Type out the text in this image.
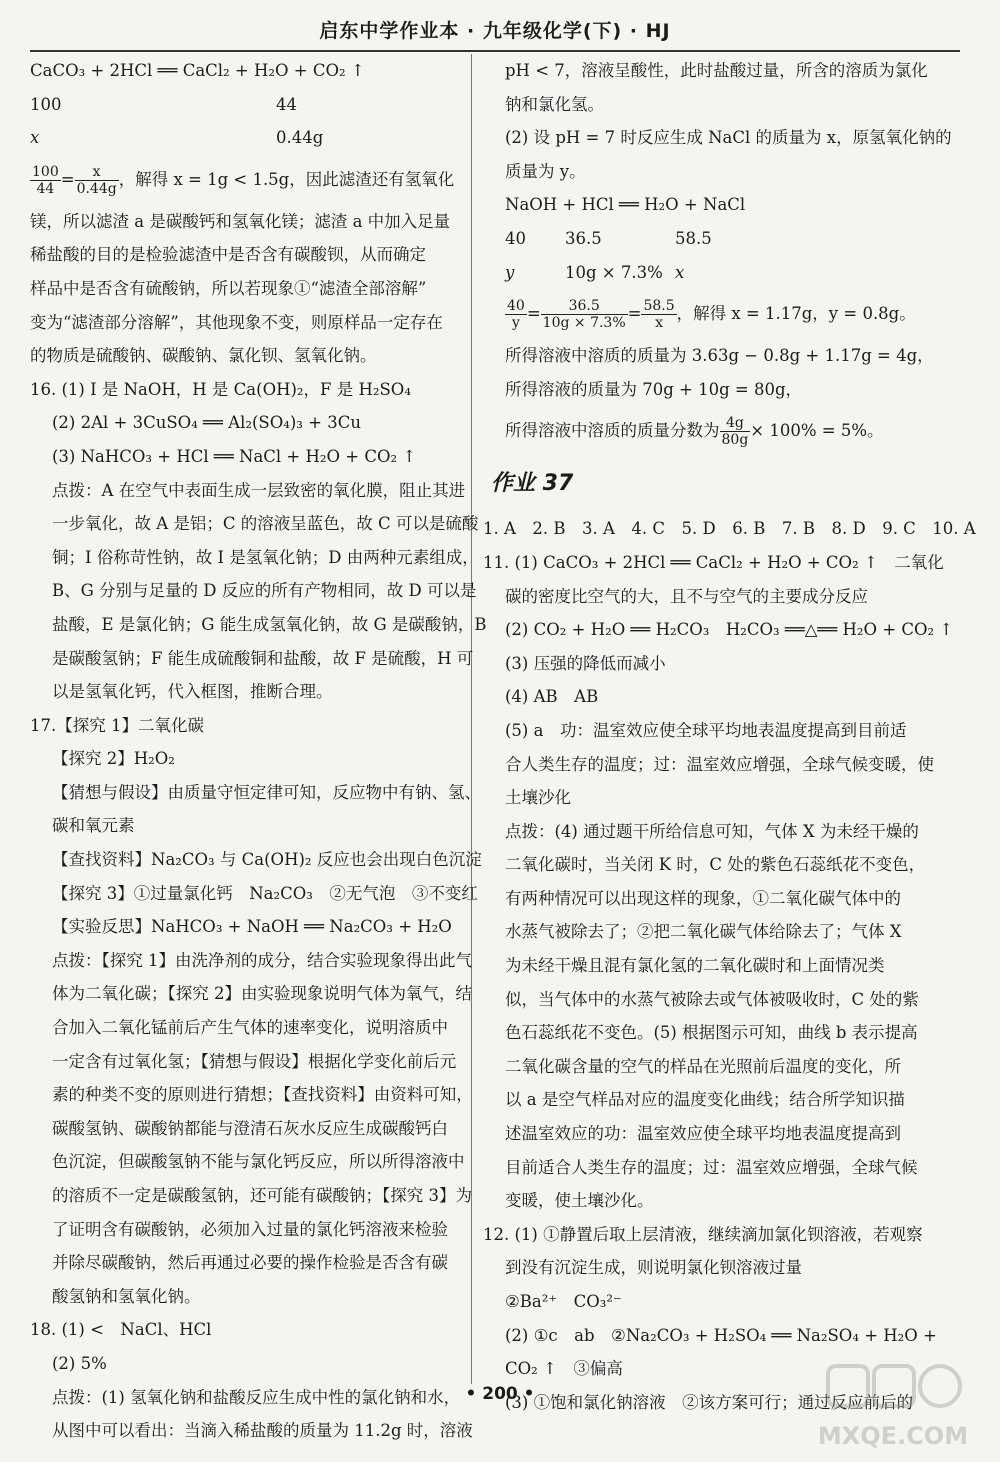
启东中学作业本 · 九年级化学(下) · HJ
CaCO₃ + 2HCl ══ CaCl₂ + H₂O + CO₂ ↑
100	44
x	0.44g
$\frac{100}{44} = \frac{x}{0.44g}$ ，解得 x = 1g < 1.5g，因此滤渣还有氢氧化
镁，所以滤渣 a 是碳酸钙和氢氧化镁；滤渣 a 中加入足量
稀盐酸的目的是检验滤渣中是否含有碳酸钡，从而确定
样品中是否含有硫酸钠，所以若现象①“滤渣全部溶解”
变为“滤渣部分溶解”，其他现象不变，则原样品一定存在
的物质是硫酸钠、碳酸钠、氯化钡、氢氧化钠。
16. (1) I 是 NaOH，H 是 Ca(OH)₂，F 是 H₂SO₄
(2) 2Al + 3CuSO₄ ══ Al₂(SO₄)₃ + 3Cu
(3) NaHCO₃ + HCl ══ NaCl + H₂O + CO₂ ↑
点拨：A 在空气中表面生成一层致密的氧化膜，阻止其进
一步氧化，故 A 是铝；C 的溶液呈蓝色，故 C 可以是硫酸
铜；I 俗称苛性钠，故 I 是氢氧化钠；D 由两种元素组成，
B、G 分别与足量的 D 反应的所有产物相同，故 D 可以是
盐酸，E 是氯化钠；G 能生成氢氧化钠，故 G 是碳酸钠，B
是碳酸氢钠；F 能生成硫酸铜和盐酸，故 F 是硫酸，H 可
以是氢氧化钙，代入框图，推断合理。
17.【探究 1】二氧化碳
【探究 2】H₂O₂
【猜想与假设】由质量守恒定律可知，反应物中有钠、氢、
碳和氧元素
【查找资料】Na₂CO₃ 与 Ca(OH)₂ 反应也会出现白色沉淀
【探究 3】①过量氯化钙　Na₂CO₃　②无气泡　③不变红
【实验反思】NaHCO₃ + NaOH ══ Na₂CO₃ + H₂O
点拨：【探究 1】由洗净剂的成分，结合实验现象得出此气
体为二氧化碳；【探究 2】由实验现象说明气体为氧气，结
合加入二氧化锰前后产生气体的速率变化，说明溶质中
一定含有过氧化氢；【猜想与假设】根据化学变化前后元
素的种类不变的原则进行猜想；【查找资料】由资料可知，
碳酸氢钠、碳酸钠都能与澄清石灰水反应生成碳酸钙白
色沉淀，但碳酸氢钠不能与氯化钙反应，所以所得溶液中
的溶质不一定是碳酸氢钠，还可能有碳酸钠；【探究 3】为
了证明含有碳酸钠，必须加入过量的氯化钙溶液来检验
并除尽碳酸钠，然后再通过必要的操作检验是否含有碳
酸氢钠和氢氧化钠。
18. (1) <　NaCl、HCl
(2) 5%
点拨：(1) 氢氧化钠和盐酸反应生成中性的氯化钠和水，
从图中可以看出：当滴入稀盐酸的质量为 11.2g 时，溶液
pH < 7，溶液呈酸性，此时盐酸过量，所含的溶质为氯化
钠和氯化氢。
(2) 设 pH = 7 时反应生成 NaCl 的质量为 x，原氢氧化钠的
质量为 y。
NaOH + HCl ══ H₂O + NaCl
40	36.5	58.5
y	10g × 7.3% x
$\frac{40}{y} = \frac{36.5}{10g \times 7.3\%} = \frac{58.5}{x}$ ，解得 x = 1.17g，y = 0.8g。
所得溶液中溶质的质量为 3.63g − 0.8g + 1.17g = 4g，
所得溶液的质量为 70g + 10g = 80g，
所得溶液中溶质的质量分数为 $\frac{4g}{80g} \times 100\% = 5\%$。
作业 37
1. A　2. B　3. A　4. C　5. D　6. B　7. B　8. D　9. C　10. A
11. (1) CaCO₃ + 2HCl ══ CaCl₂ + H₂O + CO₂ ↑　二氧化
碳的密度比空气的大，且不与空气的主要成分反应
(2) CO₂ + H₂O ══ H₂CO₃　H₂CO₃ ══△══ H₂O + CO₂ ↑
(3) 压强的降低而减小
(4) AB　AB
(5) a　功：温室效应使全球平均地表温度提高到目前适
合人类生存的温度；过：温室效应增强，全球气候变暖，使
土壤沙化
点拨：(4) 通过题干所给信息可知，气体 X 为未经干燥的
二氧化碳时，当关闭 K 时，C 处的紫色石蕊纸花不变色，
有两种情况可以出现这样的现象，①二氧化碳气体中的
水蒸气被除去了；②把二氧化碳气体给除去了；气体 X
为未经干燥且混有氯化氢的二氧化碳时和上面情况类
似，当气体中的水蒸气被除去或气体被吸收时，C 处的紫
色石蕊纸花不变色。(5) 根据图示可知，曲线 b 表示提高
二氧化碳含量的空气的样品在光照前后温度的变化，所
以 a 是空气样品对应的温度变化曲线；结合所学知识描
述温室效应的功：温室效应使全球平均地表温度提高到
目前适合人类生存的温度；过：温室效应增强，全球气候
变暖，使土壤沙化。
12. (1) ①静置后取上层清液，继续滴加氯化钡溶液，若观察
到没有沉淀生成，则说明氯化钡溶液过量
②Ba²⁺　CO₃²⁻
(2) ①c　ab　②Na₂CO₃ + H₂SO₄ ══ Na₂SO₄ + H₂O +
CO₂ ↑　③偏高
(3) ①饱和氯化钠溶液　②该方案可行；通过反应前后的
• 200 •
MXQE.COM
